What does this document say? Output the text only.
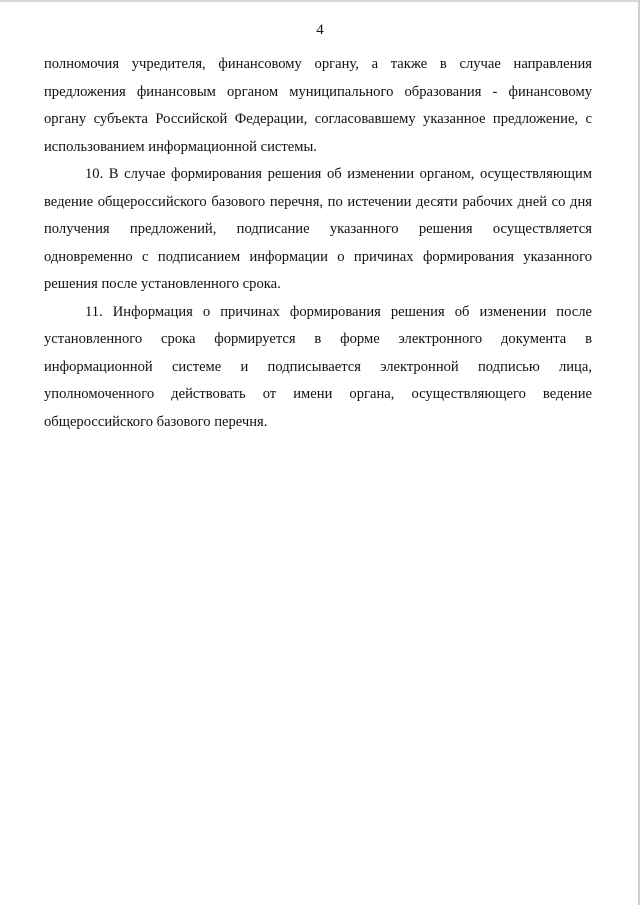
4

полномочия учредителя, финансовому органу, а также в случае направления предложения финансовым органом муниципального образования - финансовому органу субъекта Российской Федерации, согласовавшему указанное предложение, с использованием информационной системы.

10. В случае формирования решения об изменении органом, осуществляющим ведение общероссийского базового перечня, по истечении десяти рабочих дней со дня получения предложений, подписание указанного решения осуществляется одновременно с подписанием информации о причинах формирования указанного решения после установленного срока.

11. Информация о причинах формирования решения об изменении после установленного срока формируется в форме электронного документа в информационной системе и подписывается электронной подписью лица, уполномоченного действовать от имени органа, осуществляющего ведение общероссийского базового перечня.
